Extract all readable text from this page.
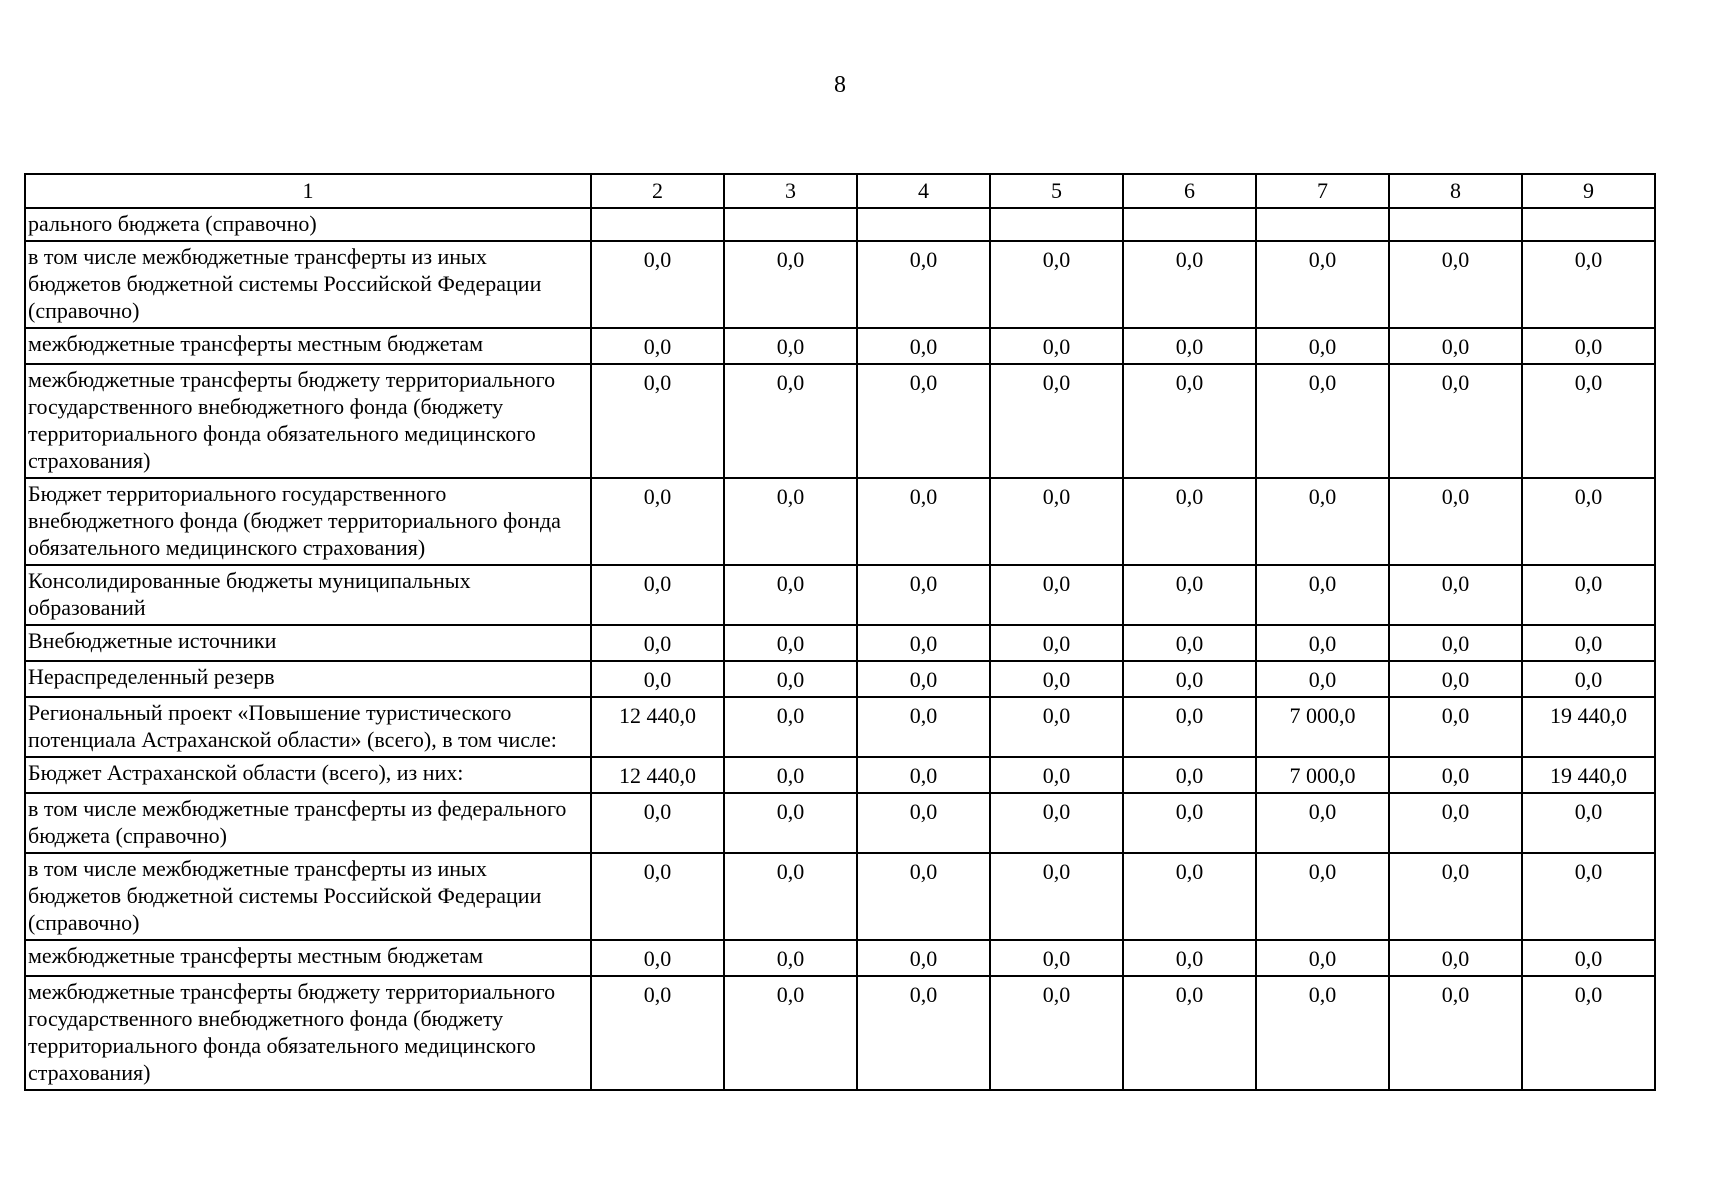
8
1	2	3	4	5	6	7	8	9
рального бюджета (справочно)								
в том числе межбюджетные трансферты из иных бюджетов бюджетной системы Российской Федерации (справочно)	0,0	0,0	0,0	0,0	0,0	0,0	0,0	0,0
межбюджетные трансферты местным бюджетам	0,0	0,0	0,0	0,0	0,0	0,0	0,0	0,0
межбюджетные трансферты бюджету территориального государственного внебюджетного фонда (бюджету территориального фонда обязательного медицинского страхования)	0,0	0,0	0,0	0,0	0,0	0,0	0,0	0,0
Бюджет территориального государственного внебюджетного фонда (бюджет территориального фонда обязательного медицинского страхования)	0,0	0,0	0,0	0,0	0,0	0,0	0,0	0,0
Консолидированные бюджеты муниципальных образований	0,0	0,0	0,0	0,0	0,0	0,0	0,0	0,0
Внебюджетные источники	0,0	0,0	0,0	0,0	0,0	0,0	0,0	0,0
Нераспределенный резерв	0,0	0,0	0,0	0,0	0,0	0,0	0,0	0,0
Региональный проект «Повышение туристического потенциала Астраханской области» (всего), в том числе:	12 440,0	0,0	0,0	0,0	0,0	7 000,0	0,0	19 440,0
Бюджет Астраханской области (всего), из них:	12 440,0	0,0	0,0	0,0	0,0	7 000,0	0,0	19 440,0
в том числе межбюджетные трансферты из федерального бюджета (справочно)	0,0	0,0	0,0	0,0	0,0	0,0	0,0	0,0
в том числе межбюджетные трансферты из иных бюджетов бюджетной системы Российской Федерации (справочно)	0,0	0,0	0,0	0,0	0,0	0,0	0,0	0,0
межбюджетные трансферты местным бюджетам	0,0	0,0	0,0	0,0	0,0	0,0	0,0	0,0
межбюджетные трансферты бюджету территориального государственного внебюджетного фонда (бюджету территориального фонда обязательного медицинского страхования)	0,0	0,0	0,0	0,0	0,0	0,0	0,0	0,0
